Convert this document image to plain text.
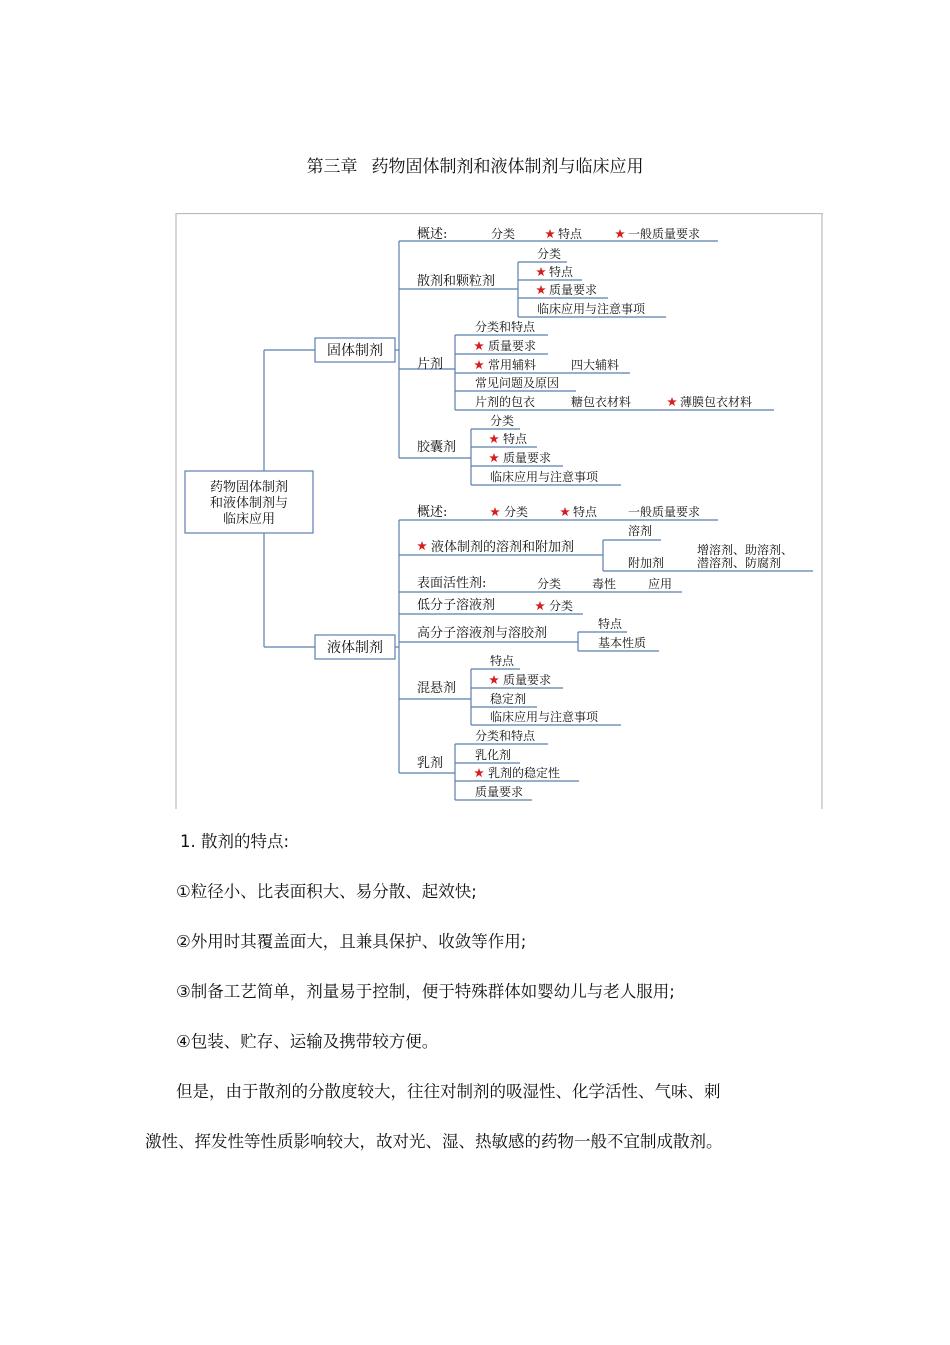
第三章 药物固体制剂和液体制剂与临床应用
药物固体制剂
和液体制剂与
临床应用
固体制剂
概述:	分类	特点	一般质量要求
散剂和颗粒剂
分类
特点
质量要求
临床应用与注意事项
片剂
分类和特点
质量要求
常用辅料	四大辅料
常见问题及原因
片剂的包衣	糖包衣材料	薄膜包衣材料
胶囊剂
分类
特点
质量要求
临床应用与注意事项
液体制剂
概述:	分类	特点	一般质量要求
液体制剂的溶剂和附加剂
溶剂
附加剂
增溶剂、助溶剂、
潜溶剂、防腐剂
表面活性剂:	分类	毒性	应用
低分子溶液剂	分类
高分子溶液剂与溶胶剂
特点
基本性质
混悬剂
特点
质量要求
稳定剂
临床应用与注意事项
乳剂
分类和特点
乳化剂
乳剂的稳定性
质量要求
1. 散剂的特点:
①粒径小、比表面积大、易分散、起效快;
②外用时其覆盖面大，且兼具保护、收敛等作用;
③制备工艺简单，剂量易于控制，便于特殊群体如婴幼儿与老人服用;
④包装、贮存、运输及携带较方便。
但是，由于散剂的分散度较大，往往对制剂的吸湿性、化学活性、气味、刺
激性、挥发性等性质影响较大，故对光、湿、热敏感的药物一般不宜制成散剂。
